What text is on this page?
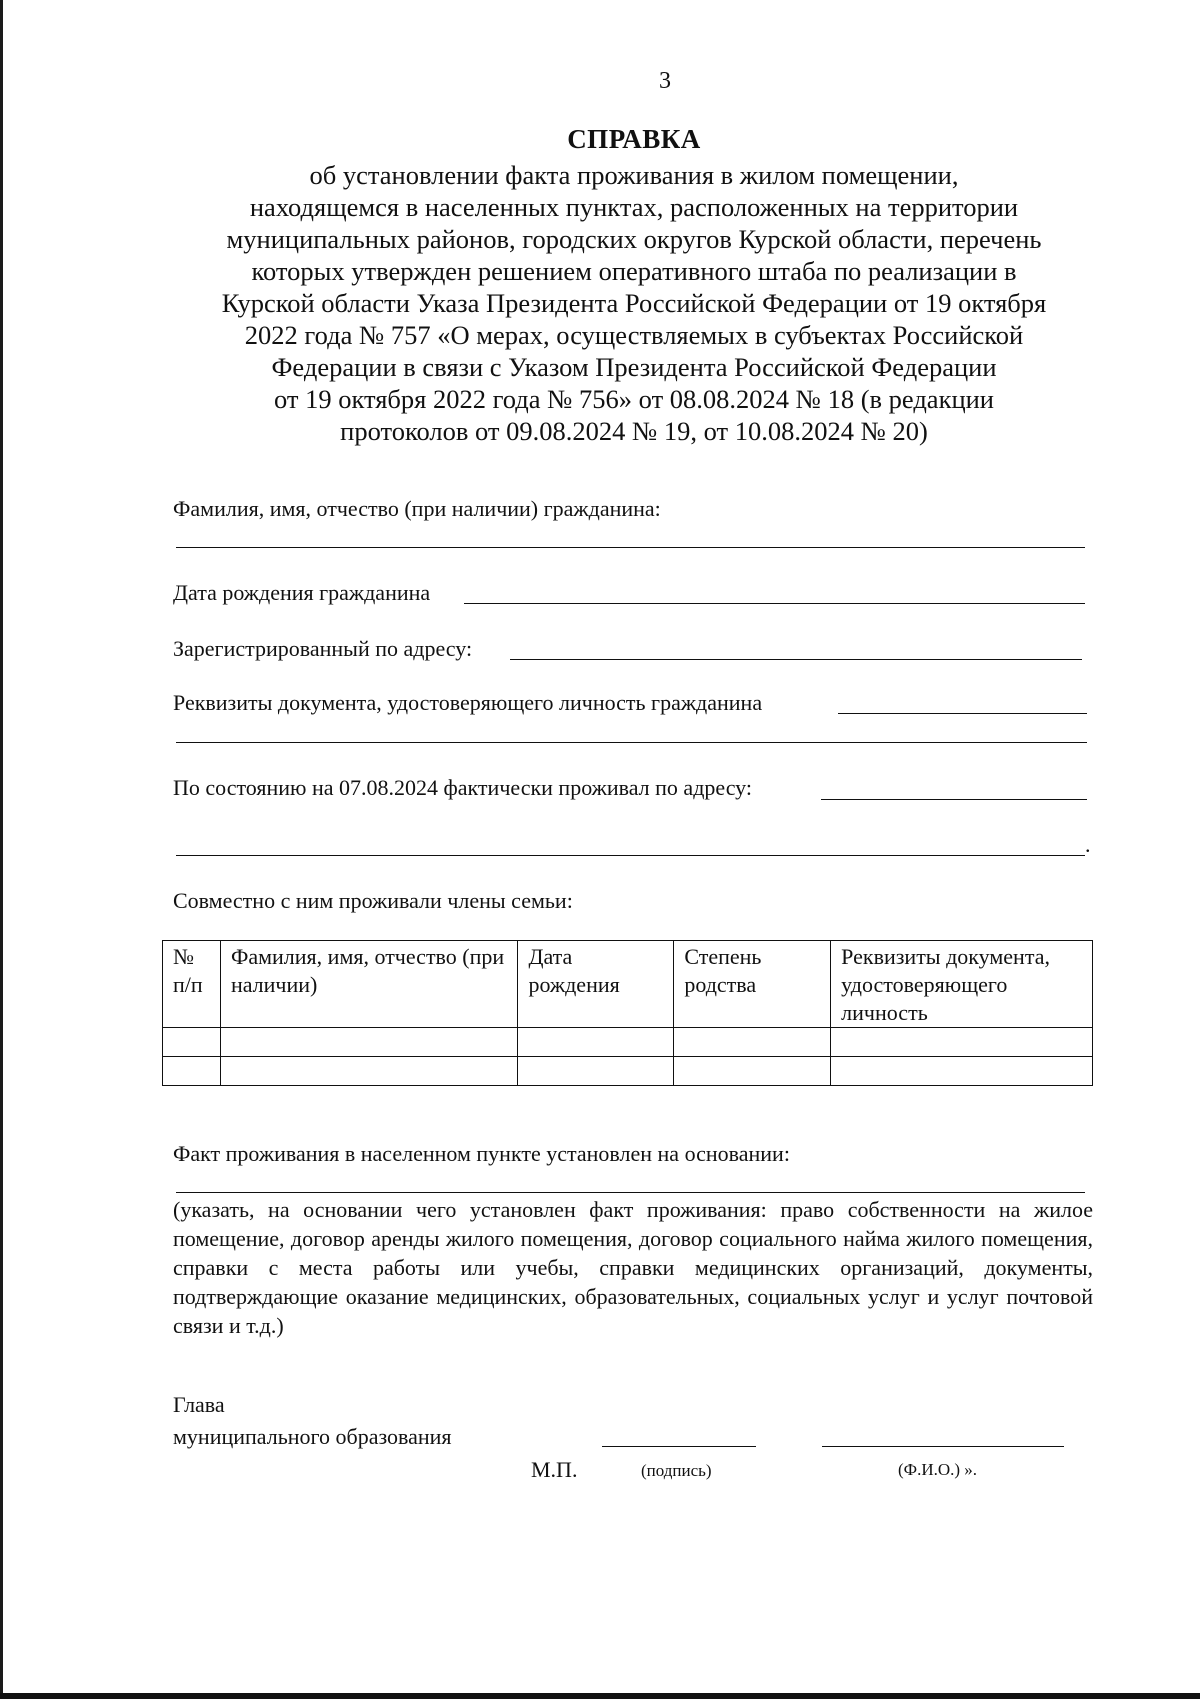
3
СПРАВКА
об установлении факта проживания в жилом помещении,
находящемся в населенных пунктах, расположенных на территории
муниципальных районов, городских округов Курской области, перечень
которых утвержден решением оперативного штаба по реализации в
Курской области Указа Президента Российской Федерации от 19 октября
2022 года № 757 «О мерах, осуществляемых в субъектах Российской
Федерации в связи с Указом Президента Российской Федерации
от 19 октября 2022 года № 756» от 08.08.2024 № 18 (в редакции
протоколов от 09.08.2024 № 19, от 10.08.2024 № 20)
Фамилия, имя, отчество (при наличии) гражданина:
Дата рождения гражданина
Зарегистрированный по адресу:
Реквизиты документа, удостоверяющего личность гражданина
По состоянию на 07.08.2024 фактически проживал по адресу:
.
Совместно с ним проживали члены семьи:
№ п/п	Фамилия, имя, отчество (при наличии)	Дата рождения	Степень родства	Реквизиты документа, удостоверяющего личность

Факт проживания в населенном пункте установлен на основании:
(указать, на основании чего установлен факт проживания: право собственности на жилое помещение, договор аренды жилого помещения, договор социального найма жилого помещения, справки с места работы или учебы, справки медицинских организаций, документы, подтверждающие оказание медицинских, образовательных, социальных услуг и услуг почтовой связи и т.д.)
Глава
муниципального образования
М.П.	(подпись)	(Ф.И.О.) ».
